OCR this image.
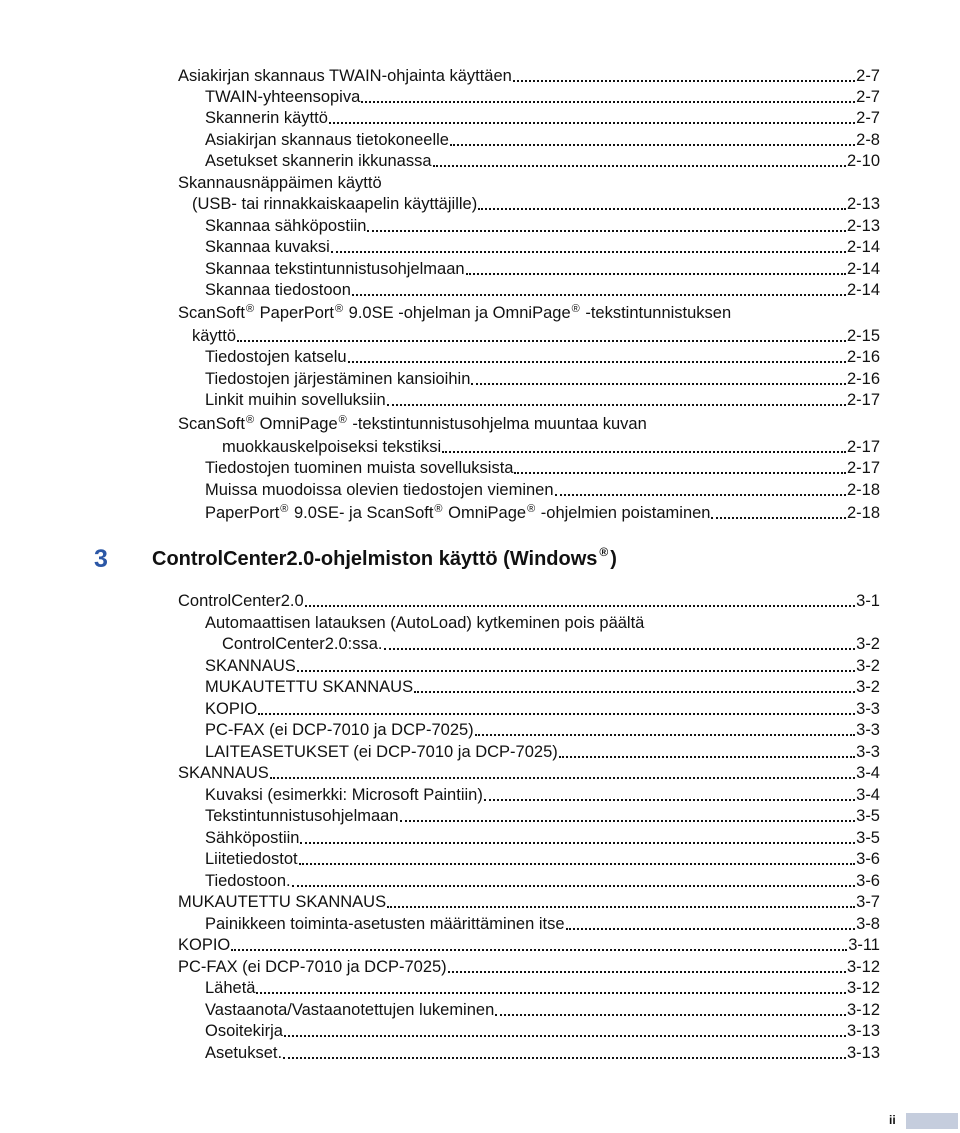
Asiakirjan skannaus TWAIN-ohjainta käyttäen	2-7
TWAIN-yhteensopiva	2-7
Skannerin käyttö	2-7
Asiakirjan skannaus tietokoneelle	2-8
Asetukset skannerin ikkunassa	2-10
Skannausnäppäimen käyttö
(USB- tai rinnakkaiskaapelin käyttäjille)	2-13
Skannaa sähköpostiin	2-13
Skannaa kuvaksi	2-14
Skannaa tekstintunnistusohjelmaan	2-14
Skannaa tiedostoon	2-14
ScanSoft® PaperPort® 9.0SE -ohjelman ja OmniPage® -tekstintunnistuksen
käyttö	2-15
Tiedostojen katselu	2-16
Tiedostojen järjestäminen kansioihin	2-16
Linkit muihin sovelluksiin	2-17
ScanSoft® OmniPage® -tekstintunnistusohjelma muuntaa kuvan
muokkauskelpoiseksi tekstiksi	2-17
Tiedostojen tuominen muista sovelluksista	2-17
Muissa muodoissa olevien tiedostojen vieminen	2-18
PaperPort® 9.0SE- ja ScanSoft® OmniPage® -ohjelmien poistaminen	2-18
3 ControlCenter2.0-ohjelmiston käyttö (Windows ® )
ControlCenter2.0	3-1
Automaattisen latauksen (AutoLoad) kytkeminen pois päältä
ControlCenter2.0:ssa.	3-2
SKANNAUS	3-2
MUKAUTETTU SKANNAUS	3-2
KOPIO	3-3
PC-FAX (ei DCP-7010 ja DCP-7025)	3-3
LAITEASETUKSET (ei DCP-7010 ja DCP-7025)	3-3
SKANNAUS	3-4
Kuvaksi (esimerkki: Microsoft Paintiin)	3-4
Tekstintunnistusohjelmaan	3-5
Sähköpostiin	3-5
Liitetiedostot	3-6
Tiedostoon.	3-6
MUKAUTETTU SKANNAUS	3-7
Painikkeen toiminta-asetusten määrittäminen itse	3-8
KOPIO	3-11
PC-FAX (ei DCP-7010 ja DCP-7025)	3-12
Lähetä	3-12
Vastaanota/Vastaanotettujen lukeminen	3-12
Osoitekirja	3-13
Asetukset.	3-13
ii
